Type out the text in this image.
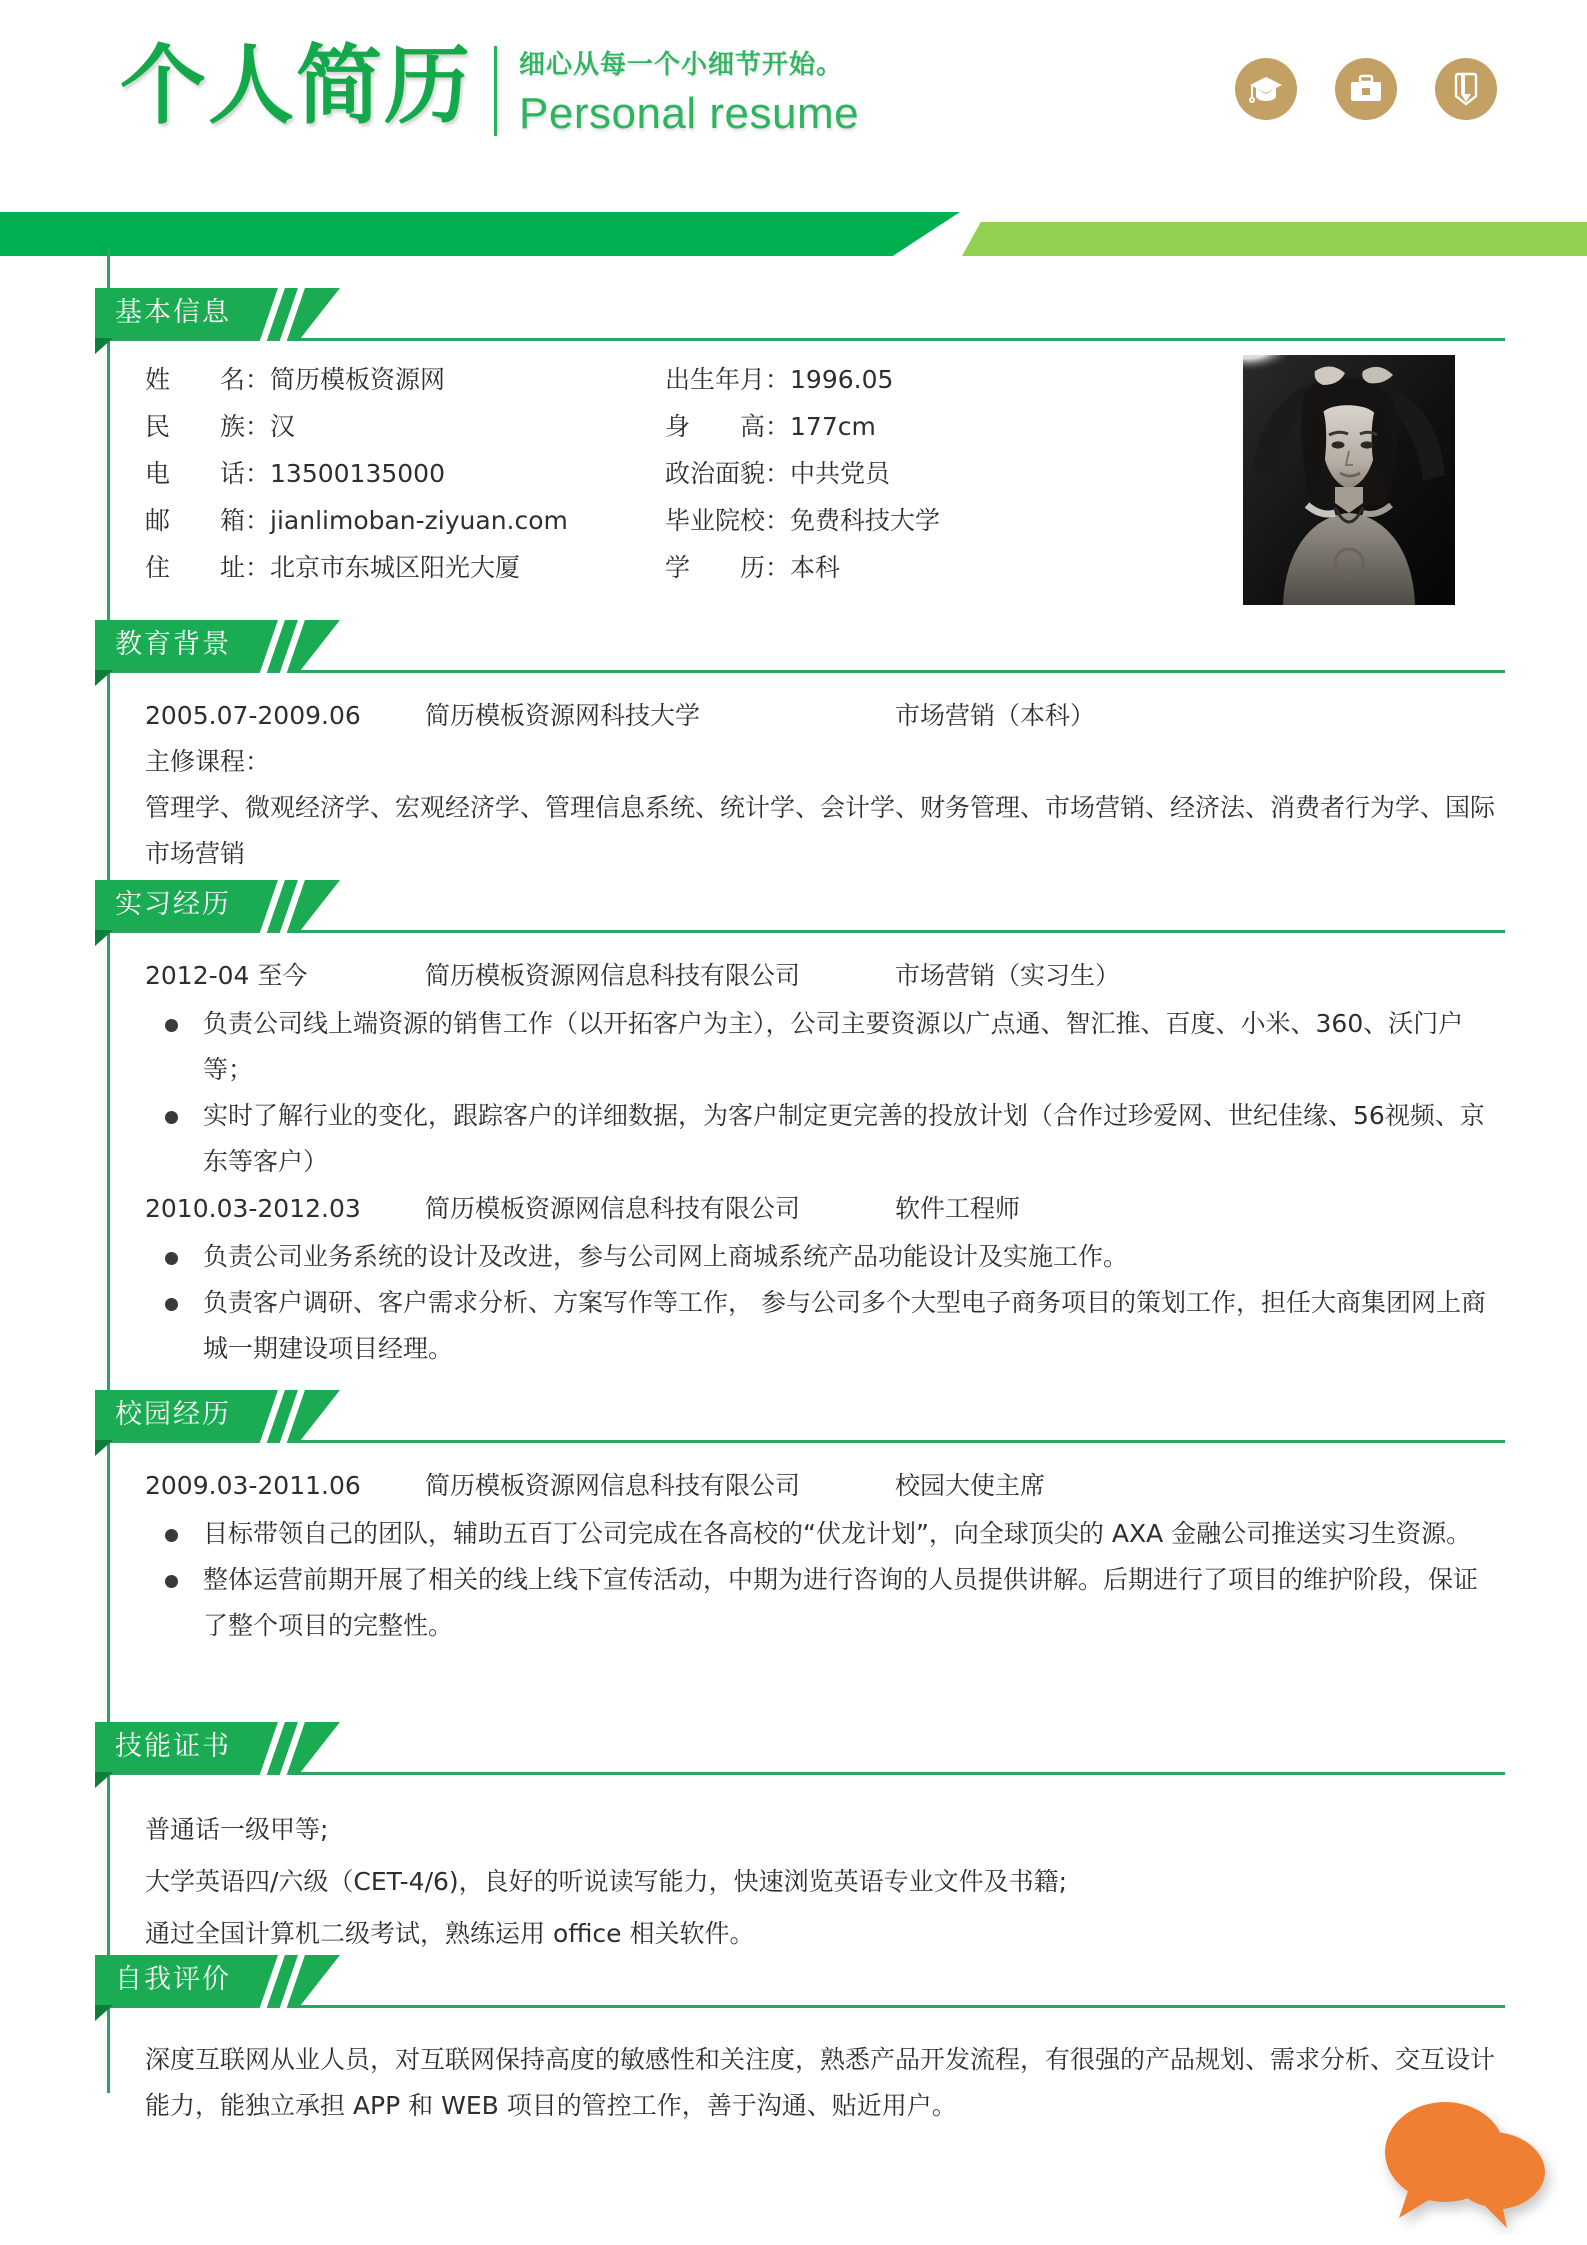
个人简历 细心从每一个小细节开始。
Personal resume
基本信息
姓　　名： 简历模板资源网	出生年月： 1996.05
民　　族： 汉	身　　高： 177cm
电　　话： 13500135000	政治面貌： 中共党员
邮　　箱： jianlimoban-ziyuan.com	毕业院校： 免费科技大学
住　　址： 北京市东城区阳光大厦	学　　历： 本科
教育背景
2005.07-2009.06	简历模板资源网科技大学	市场营销（本科）
主修课程：
管理学、微观经济学、宏观经济学、管理信息系统、统计学、会计学、财务管理、市场营销、经济法、消费者行为学、国际市场营销
实习经历
2012-04 至今	简历模板资源网信息科技有限公司	市场营销（实习生）
负责公司线上端资源的销售工作（以开拓客户为主），公司主要资源以广点通、智汇推、百度、小米、360、沃门户等；
实时了解行业的变化，跟踪客户的详细数据，为客户制定更完善的投放计划（合作过珍爱网、世纪佳缘、56视频、京东等客户）
2010.03-2012.03	简历模板资源网信息科技有限公司	软件工程师
负责公司业务系统的设计及改进，参与公司网上商城系统产品功能设计及实施工作。
负责客户调研、客户需求分析、方案写作等工作， 参与公司多个大型电子商务项目的策划工作，担任大商集团网上商城一期建设项目经理。
校园经历
2009.03-2011.06	简历模板资源网信息科技有限公司	校园大使主席
目标带领自己的团队，辅助五百丁公司完成在各高校的“伏龙计划”，向全球顶尖的 AXA 金融公司推送实习生资源。
整体运营前期开展了相关的线上线下宣传活动，中期为进行咨询的人员提供讲解。后期进行了项目的维护阶段，保证了整个项目的完整性。
技能证书
普通话一级甲等;
大学英语四/六级（CET-4/6)，良好的听说读写能力，快速浏览英语专业文件及书籍;
通过全国计算机二级考试，熟练运用 office 相关软件。
自我评价
深度互联网从业人员，对互联网保持高度的敏感性和关注度，熟悉产品开发流程，有很强的产品规划、需求分析、交互设计能力，能独立承担 APP 和 WEB 项目的管控工作，善于沟通、贴近用户。
